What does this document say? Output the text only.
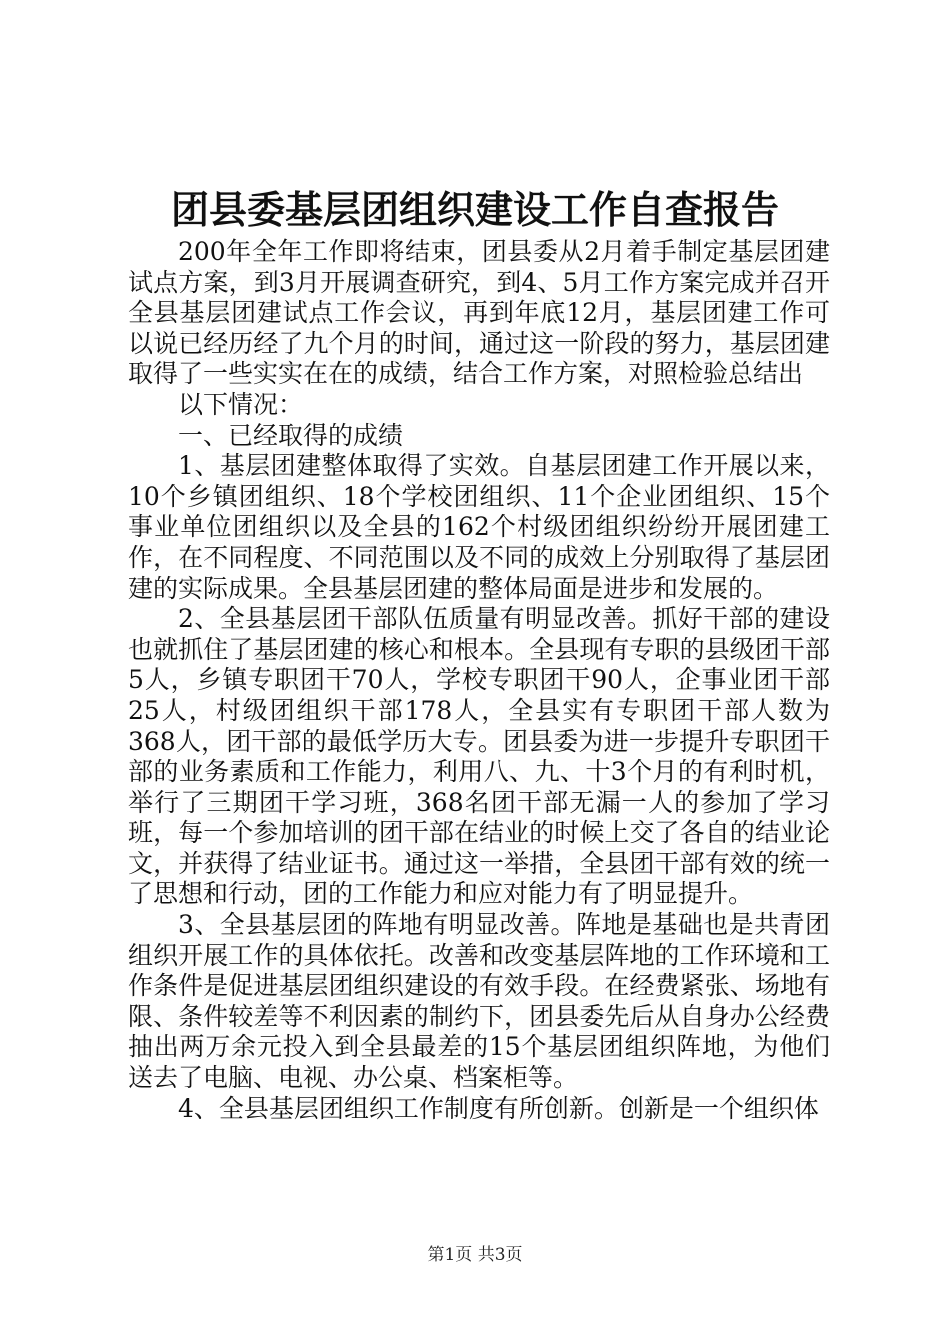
团县委基层团组织建设工作自查报告

200年全年工作即将结束，团县委从2月着手制定基层团建试点方案，到3月开展调查研究，到4、5月工作方案完成并召开全县基层团建试点工作会议，再到年底12月，基层团建工作可以说已经历经了九个月的时间，通过这一阶段的努力，基层团建取得了一些实实在在的成绩，结合工作方案，对照检验总结出

以下情况：

一、已经取得的成绩

1、基层团建整体取得了实效。自基层团建工作开展以来，10个乡镇团组织、18个学校团组织、11个企业团组织、15个事业单位团组织以及全县的162个村级团组织纷纷开展团建工作，在不同程度、不同范围以及不同的成效上分别取得了基层团建的实际成果。全县基层团建的整体局面是进步和发展的。

2、全县基层团干部队伍质量有明显改善。抓好干部的建设也就抓住了基层团建的核心和根本。全县现有专职的县级团干部5人，乡镇专职团干70人，学校专职团干90人，企事业团干部25人，村级团组织干部178人，全县实有专职团干部人数为368人，团干部的最低学历大专。团县委为进一步提升专职团干部的业务素质和工作能力，利用八、九、十3个月的有利时机，举行了三期团干学习班，368名团干部无漏一人的参加了学习班，每一个参加培训的团干部在结业的时候上交了各自的结业论文，并获得了结业证书。通过这一举措，全县团干部有效的统一了思想和行动，团的工作能力和应对能力有了明显提升。

3、全县基层团的阵地有明显改善。阵地是基础也是共青团组织开展工作的具体依托。改善和改变基层阵地的工作环境和工作条件是促进基层团组织建设的有效手段。在经费紧张、场地有限、条件较差等不利因素的制约下，团县委先后从自身办公经费抽出两万余元投入到全县最差的15个基层团组织阵地，为他们送去了电脑、电视、办公桌、档案柜等。

4、全县基层团组织工作制度有所创新。创新是一个组织体

第1页 共3页
